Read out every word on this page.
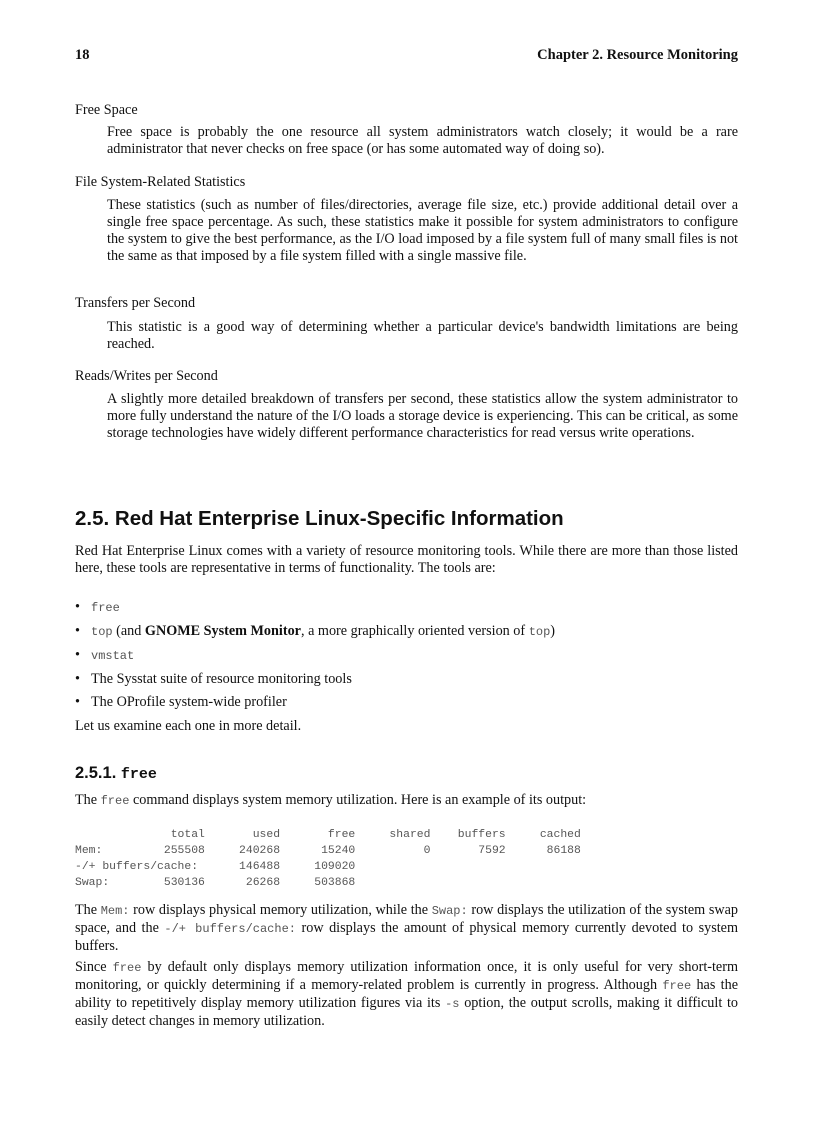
18	Chapter 2. Resource Monitoring
Free Space
Free space is probably the one resource all system administrators watch closely; it would be a rare administrator that never checks on free space (or has some automated way of doing so).
File System-Related Statistics
These statistics (such as number of files/directories, average file size, etc.) provide additional detail over a single free space percentage. As such, these statistics make it possible for system administrators to configure the system to give the best performance, as the I/O load imposed by a file system full of many small files is not the same as that imposed by a file system filled with a single massive file.
Transfers per Second
This statistic is a good way of determining whether a particular device's bandwidth limitations are being reached.
Reads/Writes per Second
A slightly more detailed breakdown of transfers per second, these statistics allow the system administrator to more fully understand the nature of the I/O loads a storage device is experiencing. This can be critical, as some storage technologies have widely different performance characteristics for read versus write operations.
2.5. Red Hat Enterprise Linux-Specific Information
Red Hat Enterprise Linux comes with a variety of resource monitoring tools. While there are more than those listed here, these tools are representative in terms of functionality. The tools are:
• free
• top (and GNOME System Monitor, a more graphically oriented version of top)
• vmstat
• The Sysstat suite of resource monitoring tools
• The OProfile system-wide profiler
Let us examine each one in more detail.
2.5.1. free
The free command displays system memory utilization. Here is an example of its output:
total       used       free     shared    buffers     cached
Mem:         255508     240268      15240          0       7592      86188
-/+ buffers/cache:      146488     109020
Swap:        530136      26268     503868
The Mem: row displays physical memory utilization, while the Swap: row displays the utilization of the system swap space, and the -/+ buffers/cache: row displays the amount of physical memory currently devoted to system buffers.
Since free by default only displays memory utilization information once, it is only useful for very short-term monitoring, or quickly determining if a memory-related problem is currently in progress. Although free has the ability to repetitively display memory utilization figures via its -s option, the output scrolls, making it difficult to easily detect changes in memory utilization.
